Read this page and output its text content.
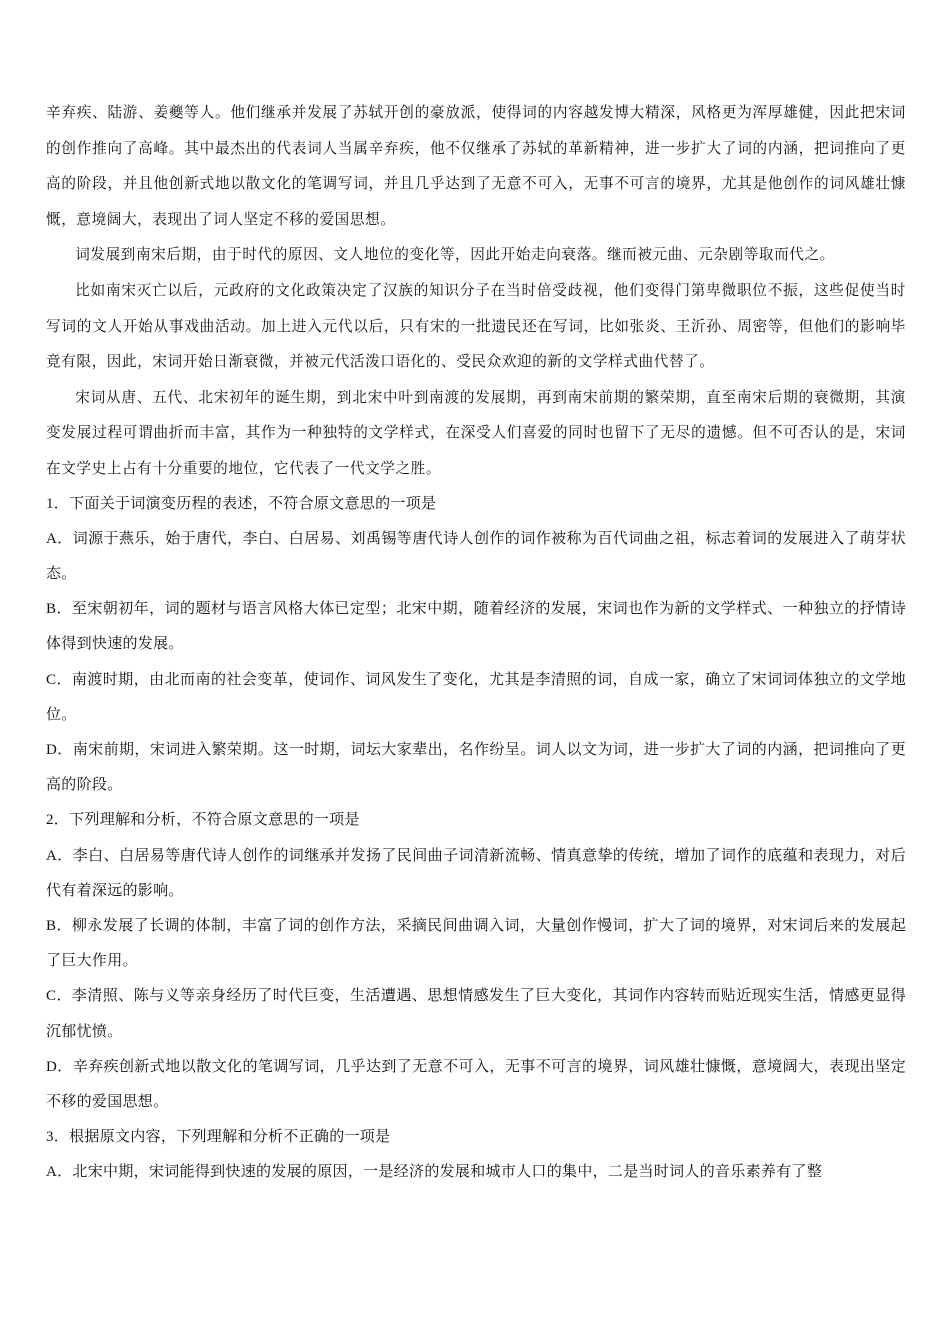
辛弃疾、陆游、姜夔等人。他们继承并发展了苏轼开创的豪放派，使得词的内容越发博大精深，风格更为浑厚雄健，因此把宋词的创作推向了高峰。其中最杰出的代表词人当属辛弃疾，他不仅继承了苏轼的革新精神，进一步扩大了词的内涵，把词推向了更高的阶段，并且他创新式地以散文化的笔调写词，并且几乎达到了无意不可入，无事不可言的境界，尤其是他创作的词风雄壮慷慨，意境阔大，表现出了词人坚定不移的爱国思想。

词发展到南宋后期，由于时代的原因、文人地位的变化等，因此开始走向衰落。继而被元曲、元杂剧等取而代之。

比如南宋灭亡以后，元政府的文化政策决定了汉族的知识分子在当时倍受歧视，他们变得门第卑微职位不振，这些促使当时写词的文人开始从事戏曲活动。加上进入元代以后，只有宋的一批遗民还在写词，比如张炎、王沂孙、周密等，但他们的影响毕竟有限，因此，宋词开始日渐衰微，并被元代活泼口语化的、受民众欢迎的新的文学样式曲代替了。

宋词从唐、五代、北宋初年的诞生期，到北宋中叶到南渡的发展期，再到南宋前期的繁荣期，直至南宋后期的衰微期，其演变发展过程可谓曲折而丰富，其作为一种独特的文学样式，在深受人们喜爱的同时也留下了无尽的遗憾。但不可否认的是，宋词在文学史上占有十分重要的地位，它代表了一代文学之胜。

1．下面关于词演变历程的表述，不符合原文意思的一项是

A．词源于燕乐，始于唐代，李白、白居易、刘禹锡等唐代诗人创作的词作被称为百代词曲之祖，标志着词的发展进入了萌芽状态。

B．至宋朝初年，词的题材与语言风格大体已定型；北宋中期，随着经济的发展，宋词也作为新的文学样式、一种独立的抒情诗体得到快速的发展。

C．南渡时期，由北而南的社会变革，使词作、词风发生了变化，尤其是李清照的词，自成一家，确立了宋词词体独立的文学地位。

D．南宋前期，宋词进入繁荣期。这一时期，词坛大家辈出，名作纷呈。词人以文为词，进一步扩大了词的内涵，把词推向了更高的阶段。

2．下列理解和分析，不符合原文意思的一项是

A．李白、白居易等唐代诗人创作的词继承并发扬了民间曲子词清新流畅、情真意挚的传统，增加了词作的底蕴和表现力，对后代有着深远的影响。

B．柳永发展了长调的体制，丰富了词的创作方法，采摘民间曲调入词，大量创作慢词，扩大了词的境界，对宋词后来的发展起了巨大作用。

C．李清照、陈与义等亲身经历了时代巨变，生活遭遇、思想情感发生了巨大变化，其词作内容转而贴近现实生活，情感更显得沉郁忧愤。

D．辛弃疾创新式地以散文化的笔调写词，几乎达到了无意不可入，无事不可言的境界，词风雄壮慷慨，意境阔大，表现出坚定不移的爱国思想。

3．根据原文内容，下列理解和分析不正确的一项是

A．北宋中期，宋词能得到快速的发展的原因，一是经济的发展和城市人口的集中，二是当时词人的音乐素养有了整
